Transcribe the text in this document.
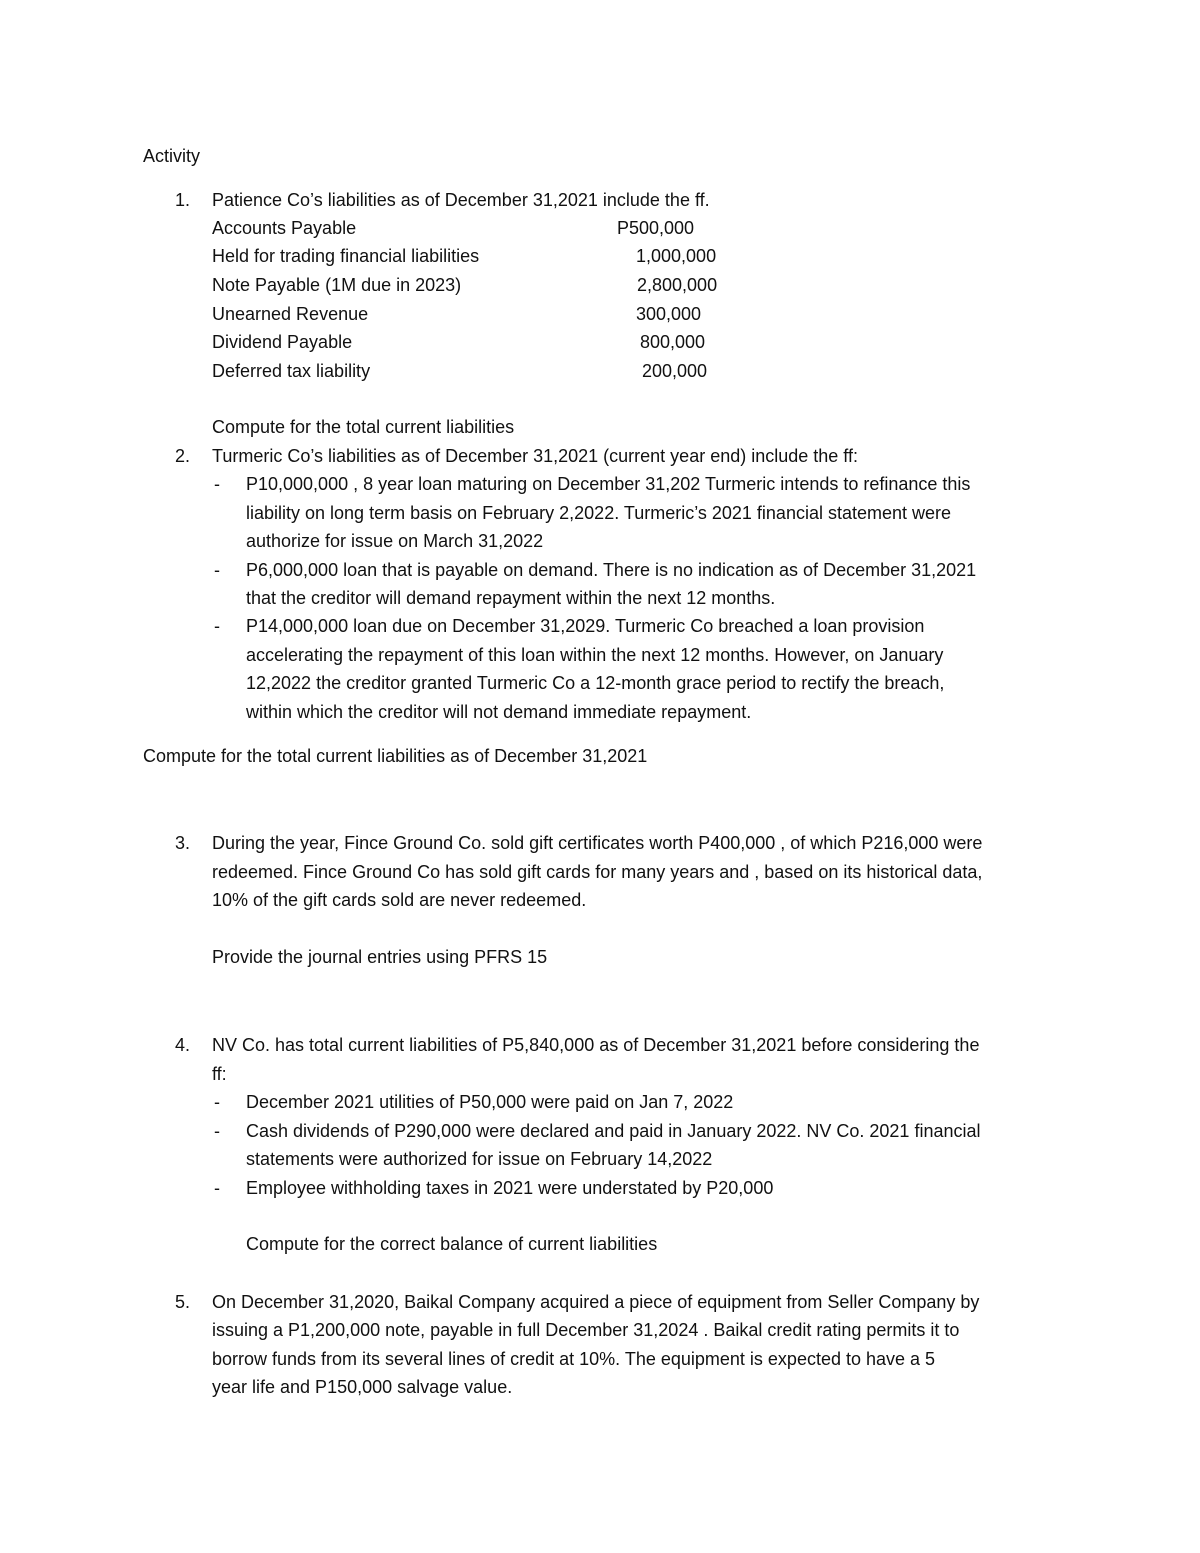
Activity
1. Patience Co’s liabilities as of December 31,2021 include the ff.
Accounts Payable	P500,000
Held for trading financial liabilities	1,000,000
Note Payable (1M due in 2023)	2,800,000
Unearned Revenue	300,000
Dividend Payable	800,000
Deferred tax liability	200,000
Compute for the total current liabilities
2. Turmeric Co’s liabilities as of December 31,2021 (current year end) include the ff:
- P10,000,000 , 8 year loan maturing on December 31,202 Turmeric intends to refinance this
liability on long term basis on February 2,2022. Turmeric’s 2021 financial statement were
authorize for issue on March 31,2022
- P6,000,000 loan that is payable on demand. There is no indication as of December 31,2021
that the creditor will demand repayment within the next 12 months.
- P14,000,000 loan due on December 31,2029. Turmeric Co breached a loan provision
accelerating the repayment of this loan within the next 12 months. However, on January
12,2022 the creditor granted Turmeric Co a 12-month grace period to rectify the breach,
within which the creditor will not demand immediate repayment.
Compute for the total current liabilities as of December 31,2021
3. During the year, Fince Ground Co. sold gift certificates worth P400,000 , of which P216,000 were
redeemed. Fince Ground Co has sold gift cards for many years and , based on its historical data,
10% of the gift cards sold are never redeemed.
Provide the journal entries using PFRS 15
4. NV Co. has total current liabilities of P5,840,000 as of December 31,2021 before considering the
ff:
- December 2021 utilities of P50,000 were paid on Jan 7, 2022
- Cash dividends of P290,000 were declared and paid in January 2022. NV Co. 2021 financial
statements were authorized for issue on February 14,2022
- Employee withholding taxes in 2021 were understated by P20,000
Compute for the correct balance of current liabilities
5. On December 31,2020, Baikal Company acquired a piece of equipment from Seller Company by
issuing a P1,200,000 note, payable in full December 31,2024 . Baikal credit rating permits it to
borrow funds from its several lines of credit at 10%. The equipment is expected to have a 5
year life and P150,000 salvage value.
